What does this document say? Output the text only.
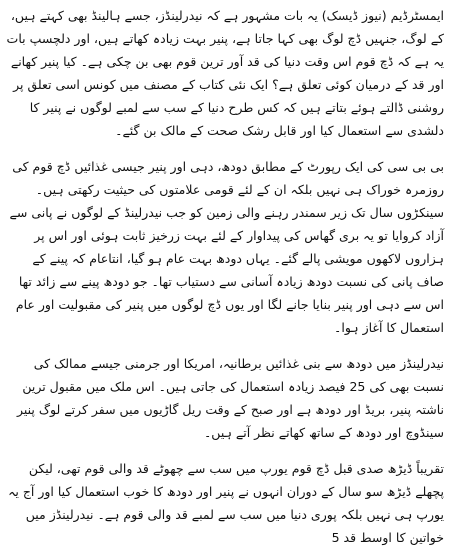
ایمسٹرڈیم (نیوز ڈیسک) یہ بات مشہور ہے کہ نیدرلینڈز، جسے ہالینڈ بھی کہتے ہیں، کے لوگ، جنہیں ڈچ لوگ بھی کہا جاتا ہے، پنیر بہت زیادہ کھاتے ہیں، اور دلچسپ بات یہ ہے کہ ڈچ قوم اس وقت دنیا کی قد آور ترین قوم بھی بن چکی ہے۔ کیا پنیر کھانے اور قد کے درمیان کوئی تعلق ہے؟ ایک نئی کتاب کے مصنف میں کونس اسی تعلق پر روشنی ڈالتے ہوئے بتاتے ہیں کہ کس طرح دنیا کے سب سے لمبے لوگوں نے پنیر کا دلشدی سے استعمال کیا اور قابل رشک صحت کے مالک بن گئے۔

بی بی سی کی ایک رپورٹ کے مطابق دودھ، دہی اور پنیر جیسی غذائیں ڈچ قوم کی روزمرہ خوراک ہی نہیں بلکہ ان کے لئے قومی علامتوں کی حیثیت رکھتی ہیں۔ سینکڑوں سال تک زیر سمندر رہنے والی زمین کو جب نیدرلینڈ کے لوگوں نے پانی سے آزاد کروایا تو یہ بری گھاس کی پیداوار کے لئے بہت زرخیز ثابت ہوئی اور اس پر ہزاروں لاکھوں مویشی پالے گئے۔ یہاں دودھ بہت عام ہو گیا، انتاعام کہ پینے کے صاف پانی کی نسبت دودھ زیادہ آسانی سے دستیاب تھا۔ جو دودھ پینے سے زائد تھا اس سے دہی اور پنیر بنایا جانے لگا اور یوں ڈچ لوگوں میں پنیر کی مقبولیت اور عام استعمال کا آغاز ہوا۔

نیدرلینڈز میں دودھ سے بنی غذائیں برطانیہ، امریکا اور جرمنی جیسے ممالک کی نسبت بھی کی 25 فیصد زیادہ استعمال کی جاتی ہیں۔ اس ملک میں مقبول ترین ناشتہ پنیر، بریڈ اور دودھ ہے اور صبح کے وقت ریل گاڑیوں میں سفر کرتے لوگ پنیر سینڈوچ اور دودھ کے ساتھ کھاتے نظر آتے ہیں۔

تقریباً ڈیڑھ صدی قبل ڈچ قوم یورپ میں سب سے چھوٹے قد والی قوم تھی، لیکن پچھلے ڈیڑھ سو سال کے دوران انہوں نے پنیر اور دودھ کا خوب استعمال کیا اور آج یہ یورپ ہی نہیں بلکہ پوری دنیا میں سب سے لمبے قد والی قوم ہے۔ نیدرلینڈز میں خواتین کا اوسط قد 5
